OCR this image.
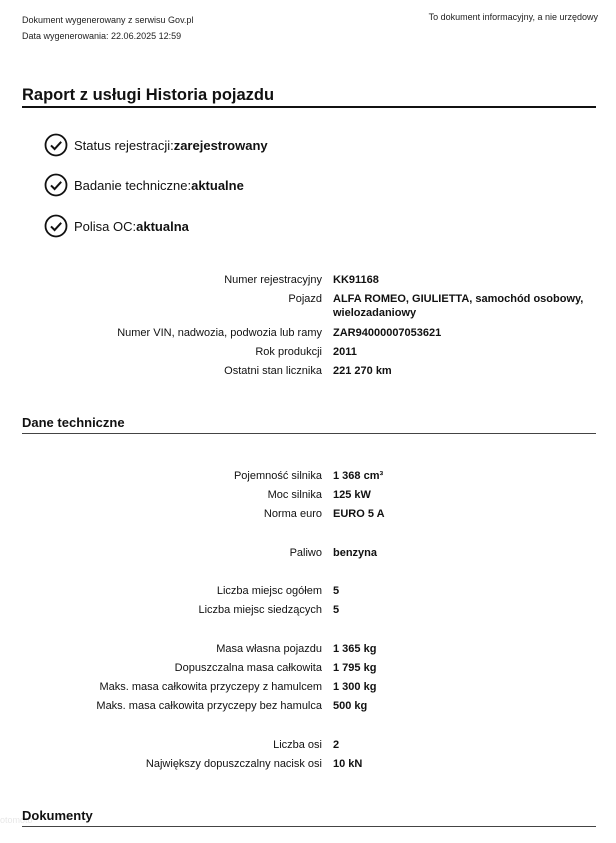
Dokument wygenerowany z serwisu Gov.pl
Data wygenerowania: 22.06.2025 12:59
To dokument informacyjny, a nie urzędowy
Raport z usługi Historia pojazdu
Status rejestracji: zarejestrowany
Badanie techniczne: aktualne
Polisa OC: aktualna
Numer rejestracyjny KK91168
Pojazd ALFA ROMEO, GIULIETTA, samochód osobowy, wielozadaniowy
Numer VIN, nadwozia, podwozia lub ramy ZAR94000007053621
Rok produkcji 2011
Ostatni stan licznika 221 270 km
Dane techniczne
Pojemność silnika 1 368 cm³
Moc silnika 125 kW
Norma euro EURO 5 A
Paliwo benzyna
Liczba miejsc ogółem 5
Liczba miejsc siedzących 5
Masa własna pojazdu 1 365 kg
Dopuszczalna masa całkowita 1 795 kg
Maks. masa całkowita przyczepy z hamulcem 1 300 kg
Maks. masa całkowita przyczepy bez hamulca 500 kg
Liczba osi 2
Największy dopuszczalny nacisk osi 10 kN
Dokumenty
otomoto
